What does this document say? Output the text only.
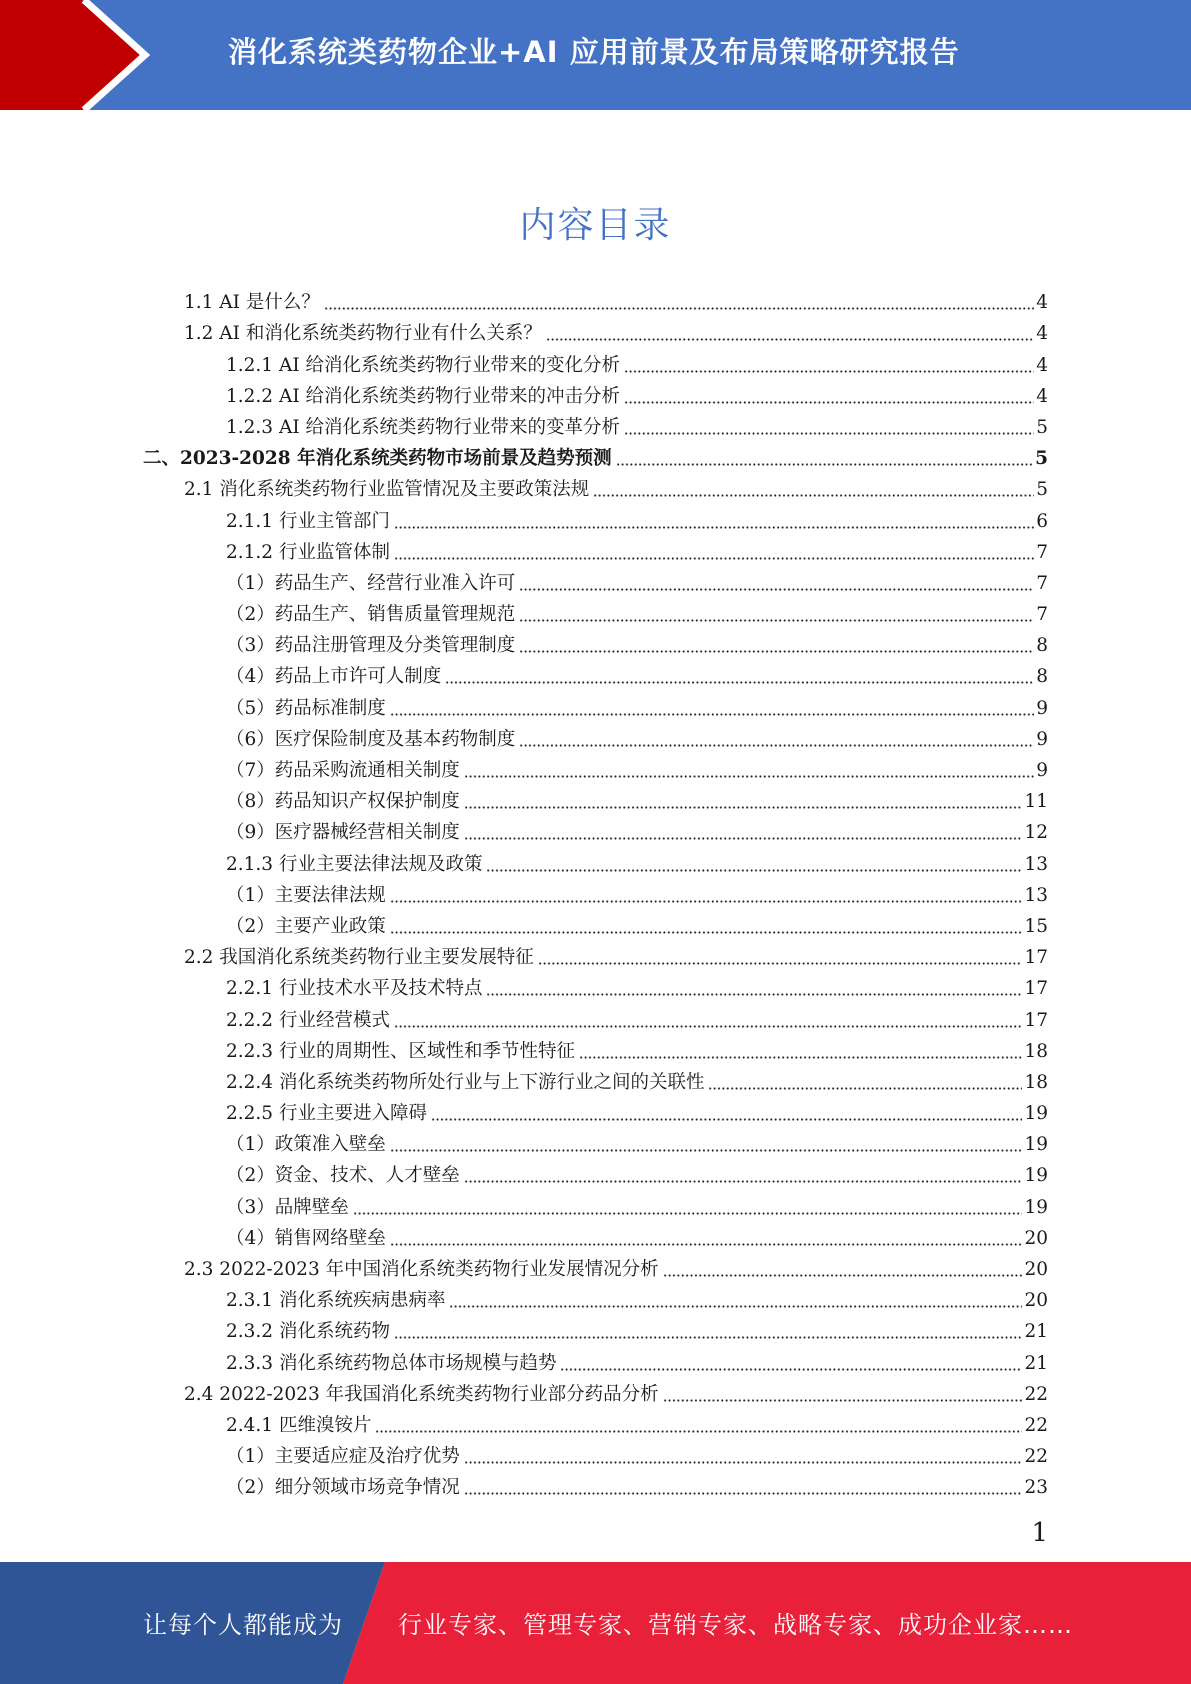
消化系统类药物企业+AI 应用前景及布局策略研究报告
内容目录
1.1 AI 是什么？	4
1.2 AI 和消化系统类药物行业有什么关系？	4
1.2.1 AI 给消化系统类药物行业带来的变化分析	4
1.2.2 AI 给消化系统类药物行业带来的冲击分析	4
1.2.3 AI 给消化系统类药物行业带来的变革分析	5
二、2023-2028 年消化系统类药物市场前景及趋势预测	5
2.1 消化系统类药物行业监管情况及主要政策法规	5
2.1.1 行业主管部门	6
2.1.2 行业监管体制	7
（1）药品生产、经营行业准入许可	7
（2）药品生产、销售质量管理规范	7
（3）药品注册管理及分类管理制度	8
（4）药品上市许可人制度	8
（5）药品标准制度	9
（6）医疗保险制度及基本药物制度	9
（7）药品采购流通相关制度	9
（8）药品知识产权保护制度	11
（9）医疗器械经营相关制度	12
2.1.3 行业主要法律法规及政策	13
（1）主要法律法规	13
（2）主要产业政策	15
2.2 我国消化系统类药物行业主要发展特征	17
2.2.1 行业技术水平及技术特点	17
2.2.2 行业经营模式	17
2.2.3 行业的周期性、区域性和季节性特征	18
2.2.4 消化系统类药物所处行业与上下游行业之间的关联性	18
2.2.5 行业主要进入障碍	19
（1）政策准入壁垒	19
（2）资金、技术、人才壁垒	19
（3）品牌壁垒	19
（4）销售网络壁垒	20
2.3 2022-2023 年中国消化系统类药物行业发展情况分析	20
2.3.1 消化系统疾病患病率	20
2.3.2 消化系统药物	21
2.3.3 消化系统药物总体市场规模与趋势	21
2.4 2022-2023 年我国消化系统类药物行业部分药品分析	22
2.4.1 匹维溴铵片	22
（1）主要适应症及治疗优势	22
（2）细分领域市场竞争情况	23
1
让每个人都能成为 行业专家、管理专家、营销专家、战略专家、成功企业家……
